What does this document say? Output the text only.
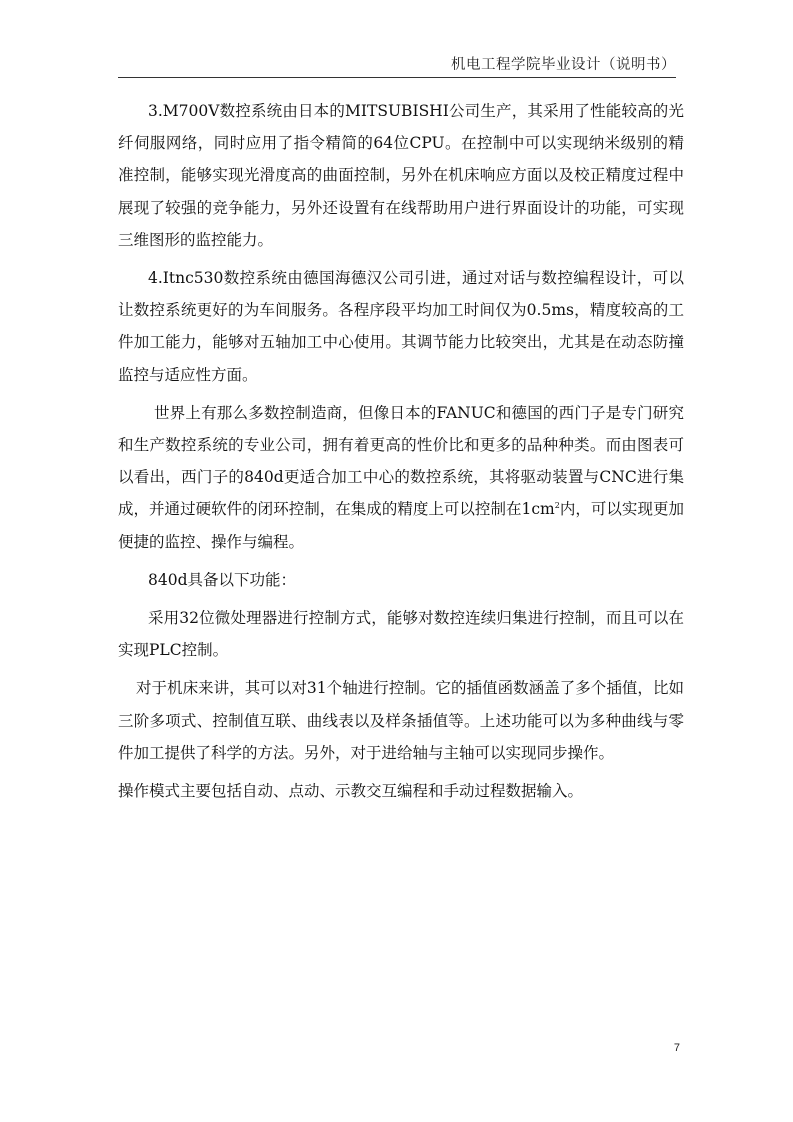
机电工程学院毕业设计（说明书）

3.M700V数控系统由日本的MITSUBISHI公司生产，其采用了性能较高的光纤伺服网络，同时应用了指令精简的64位CPU。在控制中可以实现纳米级别的精准控制，能够实现光滑度高的曲面控制，另外在机床响应方面以及校正精度过程中展现了较强的竞争能力，另外还设置有在线帮助用户进行界面设计的功能，可实现三维图形的监控能力。

4.Itnc530数控系统由德国海德汉公司引进，通过对话与数控编程设计，可以让数控系统更好的为车间服务。各程序段平均加工时间仅为0.5ms，精度较高的工件加工能力，能够对五轴加工中心使用。其调节能力比较突出，尤其是在动态防撞监控与适应性方面。

世界上有那么多数控制造商，但像日本的FANUC和德国的西门子是专门研究和生产数控系统的专业公司，拥有着更高的性价比和更多的品种种类。而由图表可以看出，西门子的840d更适合加工中心的数控系统，其将驱动装置与CNC进行集成，并通过硬软件的闭环控制，在集成的精度上可以控制在$1cm^2$内，可以实现更加便捷的监控、操作与编程。

840d具备以下功能：

采用32位微处理器进行控制方式，能够对数控连续归集进行控制，而且可以在实现PLC控制。

对于机床来讲，其可以对31个轴进行控制。它的插值函数涵盖了多个插值，比如三阶多项式、控制值互联、曲线表以及样条插值等。上述功能可以为多种曲线与零件加工提供了科学的方法。另外，对于进给轴与主轴可以实现同步操作。

操作模式主要包括自动、点动、示教交互编程和手动过程数据输入。

7
